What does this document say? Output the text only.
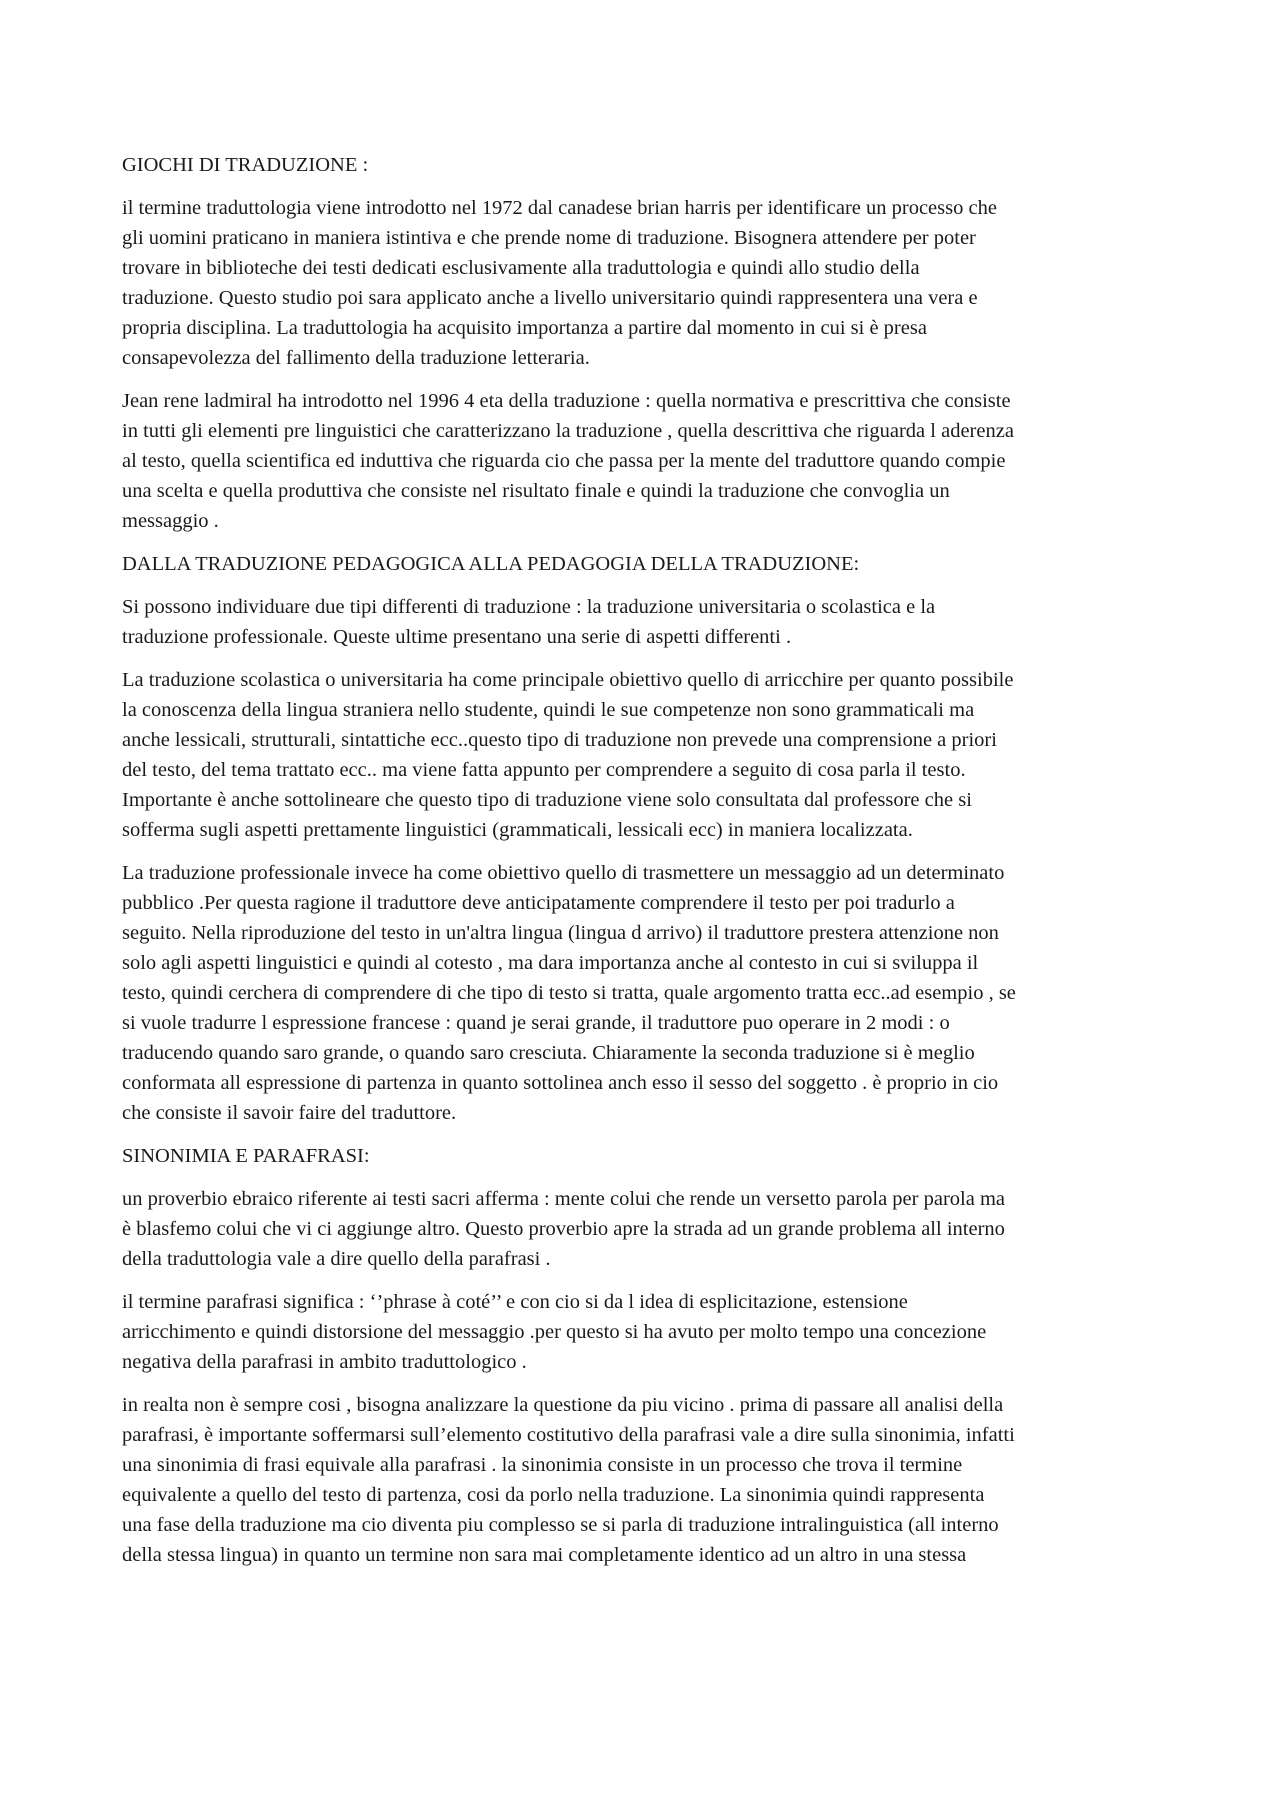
GIOCHI DI TRADUZIONE :

il termine traduttologia viene introdotto nel 1972 dal canadese brian harris per identificare un processo che
gli uomini praticano in maniera istintiva e che prende nome di traduzione. Bisognera attendere per poter
trovare in biblioteche dei testi dedicati esclusivamente alla traduttologia e quindi allo studio della
traduzione. Questo studio poi sara applicato anche a livello universitario quindi rappresentera una vera e
propria disciplina. La traduttologia ha acquisito importanza a partire dal momento in cui si è presa
consapevolezza del fallimento della traduzione letteraria.

Jean rene ladmiral ha introdotto nel 1996 4 eta della traduzione : quella normativa e prescrittiva che consiste
in tutti gli elementi pre linguistici che caratterizzano la traduzione , quella descrittiva che riguarda l aderenza
al testo, quella scientifica ed induttiva che riguarda cio che passa per la mente del traduttore quando compie
una scelta e quella produttiva che consiste nel risultato finale e quindi la traduzione che convoglia un
messaggio .

DALLA TRADUZIONE PEDAGOGICA ALLA PEDAGOGIA DELLA TRADUZIONE:

Si possono individuare due tipi differenti di traduzione : la traduzione universitaria o scolastica e la
traduzione professionale. Queste ultime presentano una serie di aspetti differenti .

La traduzione scolastica o universitaria ha come principale obiettivo quello di arricchire per quanto possibile
la conoscenza della lingua straniera nello studente, quindi le sue competenze non sono grammaticali ma
anche lessicali, strutturali, sintattiche ecc..questo tipo di traduzione non prevede una comprensione a priori
del testo, del tema trattato ecc.. ma viene fatta appunto per comprendere a seguito di cosa parla il testo.
Importante è anche sottolineare che questo tipo di traduzione viene solo consultata dal professore che si
sofferma sugli aspetti prettamente linguistici (grammaticali, lessicali ecc) in maniera localizzata.

La traduzione professionale invece ha come obiettivo quello di trasmettere un messaggio ad un determinato
pubblico .Per questa ragione il traduttore deve anticipatamente comprendere il testo per poi tradurlo a
seguito. Nella riproduzione del testo in un'altra lingua (lingua d arrivo) il traduttore prestera attenzione non
solo agli aspetti linguistici e quindi al cotesto , ma dara importanza anche al contesto in cui si sviluppa il
testo, quindi cerchera di comprendere di che tipo di testo si tratta, quale argomento tratta ecc..ad esempio , se
si vuole tradurre l espressione francese : quand je serai grande, il traduttore puo operare in 2 modi : o
traducendo quando saro grande, o quando saro cresciuta. Chiaramente la seconda traduzione si è meglio
conformata all espressione di partenza in quanto sottolinea anch esso il sesso del soggetto . è proprio in cio
che consiste il savoir faire del traduttore.

SINONIMIA E PARAFRASI:

un proverbio ebraico riferente ai testi sacri afferma : mente colui che rende un versetto parola per parola ma
è blasfemo colui che vi ci aggiunge altro. Questo proverbio apre la strada ad un grande problema all interno
della traduttologia vale a dire quello della parafrasi .

il termine parafrasi significa : ‘’phrase à coté’’ e con cio si da l idea di esplicitazione, estensione
arricchimento e quindi distorsione del messaggio .per questo si ha avuto per molto tempo una concezione
negativa della parafrasi in ambito traduttologico .

in realta non è sempre cosi , bisogna analizzare la questione da piu vicino . prima di passare all analisi della
parafrasi, è importante soffermarsi sull’elemento costitutivo della parafrasi vale a dire sulla sinonimia, infatti
una sinonimia di frasi equivale alla parafrasi . la sinonimia consiste in un processo che trova il termine
equivalente a quello del testo di partenza, cosi da porlo nella traduzione. La sinonimia quindi rappresenta
una fase della traduzione ma cio diventa piu complesso se si parla di traduzione intralinguistica (all interno
della stessa lingua) in quanto un termine non sara mai completamente identico ad un altro in una stessa
